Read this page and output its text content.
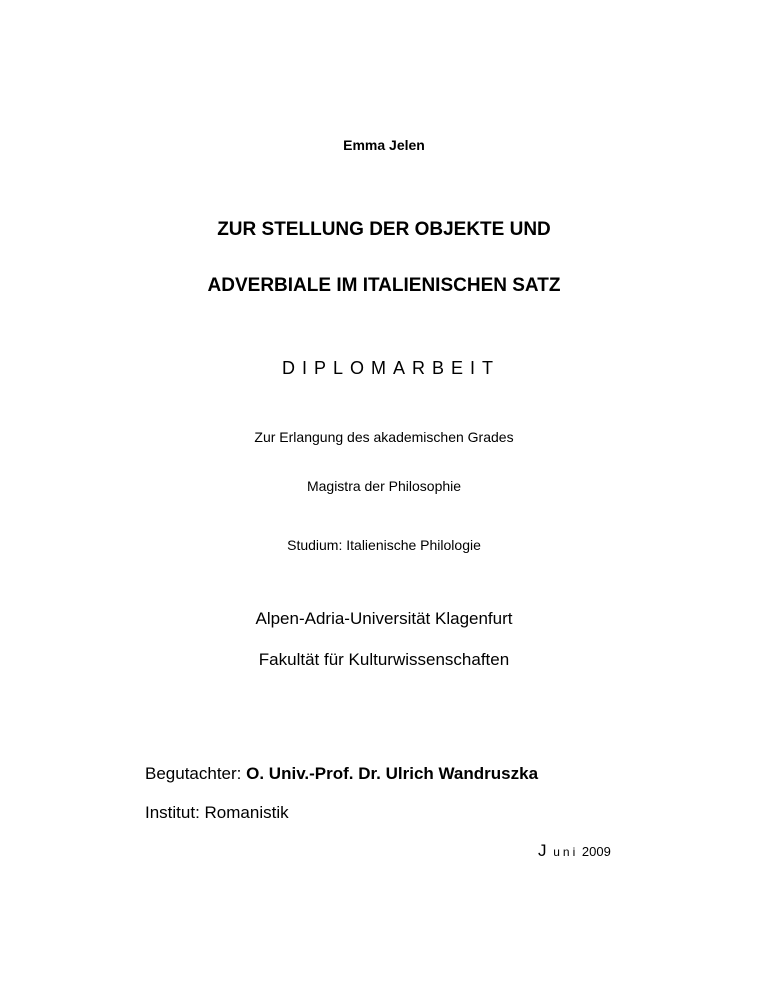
Emma Jelen
ZUR STELLUNG DER OBJEKTE UND
ADVERBIALE IM ITALIENISCHEN SATZ
DIPLOMARBEIT
Zur Erlangung des akademischen Grades
Magistra der Philosophie
Studium: Italienische Philologie
Alpen-Adria-Universität Klagenfurt
Fakultät für Kulturwissenschaften
Begutachter: O. Univ.-Prof. Dr. Ulrich Wandruszka
Institut: Romanistik
J uni 2009
